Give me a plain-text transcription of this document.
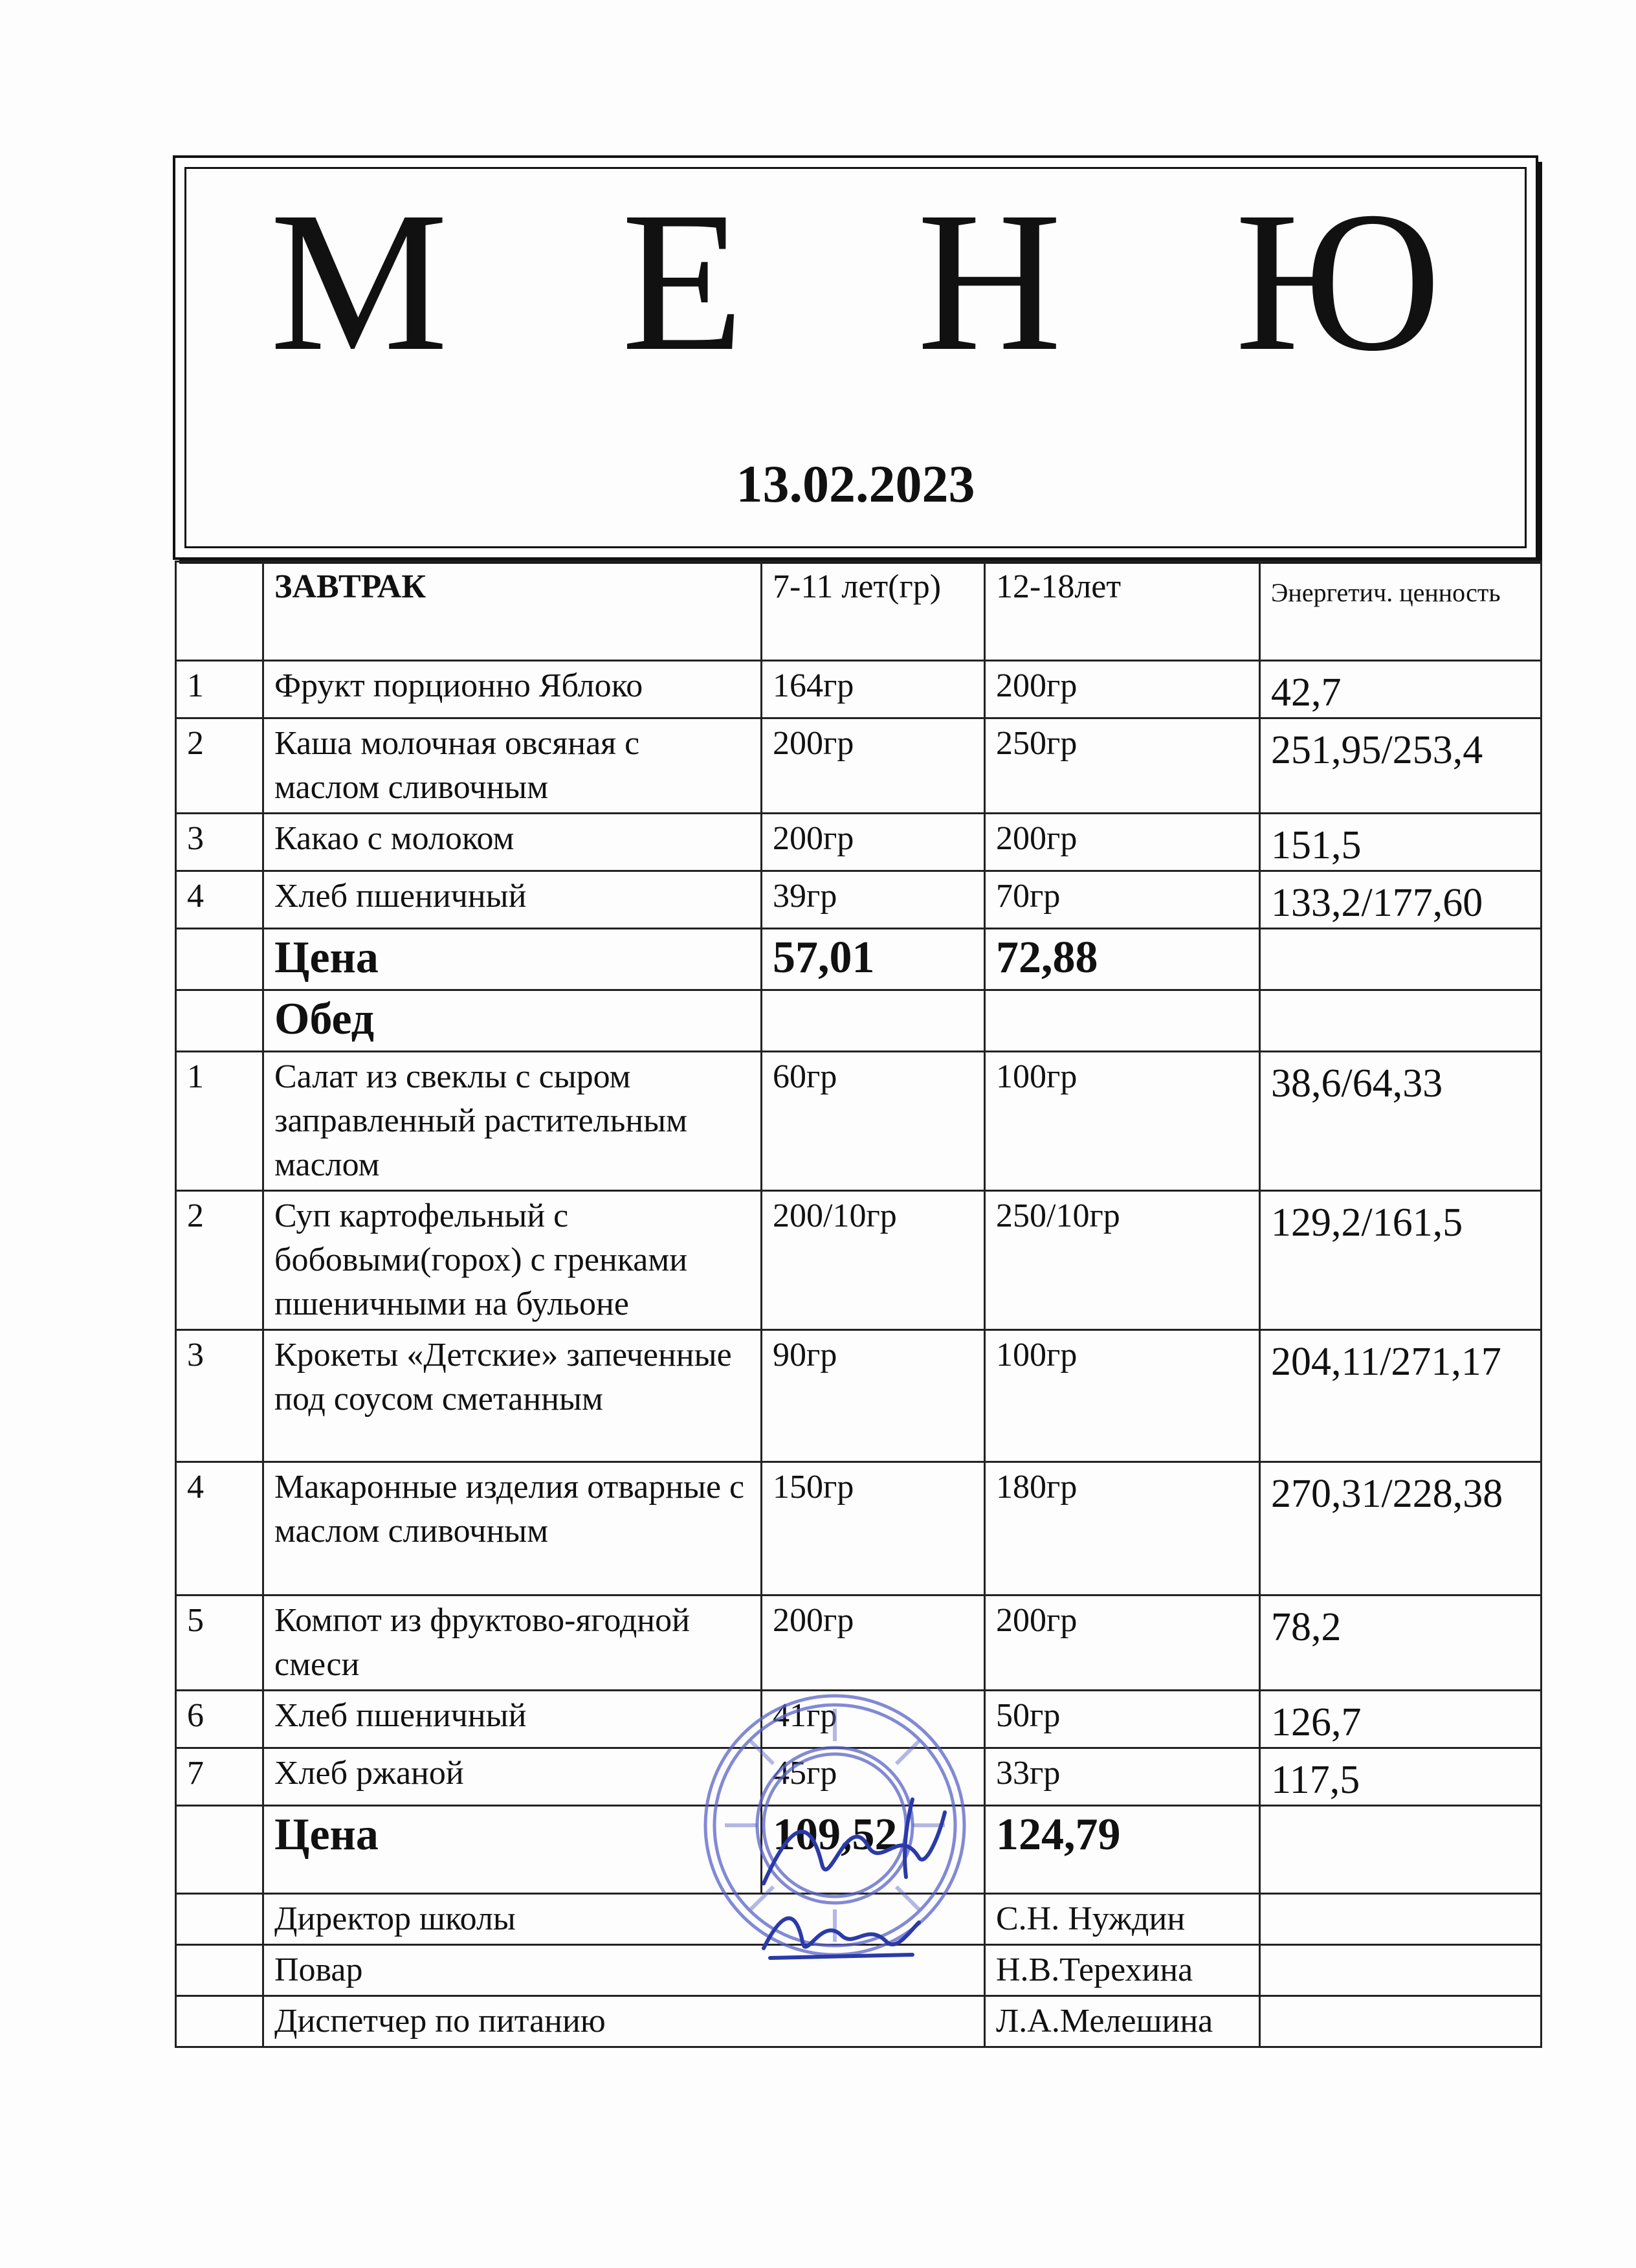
М Е Н Ю
13.02.2023
	ЗАВТРАК	7-11 лет(гр)	12-18лет	Энергетич. ценность
1	Фрукт порционно Яблоко	164гр	200гр	42,7
2	Каша молочная овсяная с маслом сливочным	200гр	250гр	251,95/253,4
3	Какао с молоком	200гр	200гр	151,5
4	Хлеб пшеничный	39гр	70гр	133,2/177,60
	Цена	57,01	72,88	
	Обед			
1	Салат из свеклы с сыром заправленный растительным маслом	60гр	100гр	38,6/64,33
2	Суп картофельный с бобовыми(горох) с гренками пшеничными на бульоне	200/10гр	250/10гр	129,2/161,5
3	Крокеты «Детские» запеченные под соусом сметанным	90гр	100гр	204,11/271,17
4	Макаронные изделия отварные с маслом сливочным	150гр	180гр	270,31/228,38
5	Компот из фруктово-ягодной смеси	200гр	200гр	78,2
6	Хлеб пшеничный	41гр	50гр	126,7
7	Хлеб ржаной	45гр	33гр	117,5
	Цена	109,52	124,79	
	Директор школы		С.Н. Нуждин	
	Повар		Н.В.Терехина	
	Диспетчер по питанию		Л.А.Мелешина	
